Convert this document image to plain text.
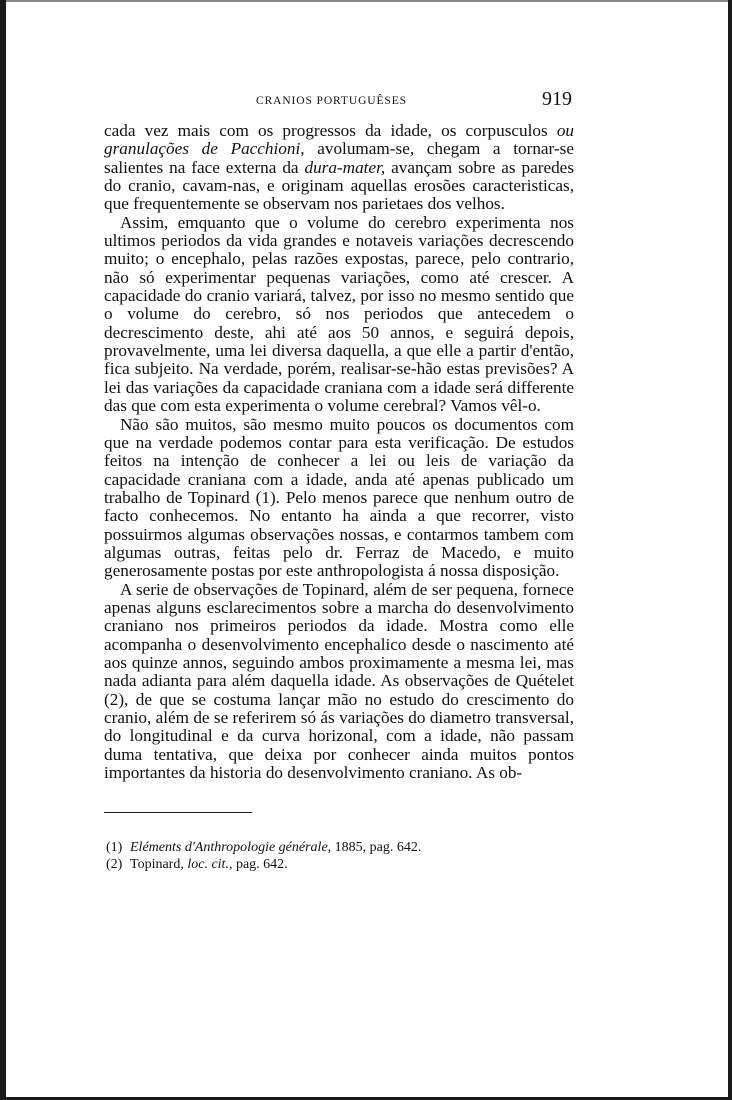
CRANIOS PORTUGUÊSES	919

cada vez mais com os progressos da idade, os corpusculos ou granulações de Pacchioni, avolumam-se, chegam a tornar-se salientes na face externa da dura-mater, avançam sobre as paredes do cranio, cavam-nas, e originam aquellas erosões caracteristicas, que frequentemente se observam nos parietaes dos velhos.

Assim, emquanto que o volume do cerebro experimenta nos ultimos periodos da vida grandes e notaveis variações decrescendo muito; o encephalo, pelas razões expostas, parece, pelo contrario, não só experimentar pequenas variações, como até crescer. A capacidade do cranio variará, talvez, por isso no mesmo sentido que o volume do cerebro, só nos periodos que antecedem o decrescimento deste, ahi até aos 50 annos, e seguirá depois, provavelmente, uma lei diversa daquella, a que elle a partir d'então, fica subjeito. Na verdade, porém, realisar-se-hão estas previsões? A lei das variações da capacidade craniana com a idade será differente das que com esta experimenta o volume cerebral? Vamos vêl-o.

Não são muitos, são mesmo muito poucos os documentos com que na verdade podemos contar para esta verificação. De estudos feitos na intenção de conhecer a lei ou leis de variação da capacidade craniana com a idade, anda até apenas publicado um trabalho de Topinard (1). Pelo menos parece que nenhum outro de facto conhecemos. No entanto ha ainda a que recorrer, visto possuirmos algumas observações nossas, e contarmos tambem com algumas outras, feitas pelo dr. Ferraz de Macedo, e muito generosamente postas por este anthropologista á nossa disposição.

A serie de observações de Topinard, além de ser pequena, fornece apenas alguns esclarecimentos sobre a marcha do desenvolvimento craniano nos primeiros periodos da idade. Mostra como elle acompanha o desenvolvimento encephalico desde o nascimento até aos quinze annos, seguindo ambos proximamente a mesma lei, mas nada adianta para além daquella idade. As observações de Quételet (2), de que se costuma lançar mão no estudo do crescimento do cranio, além de se referirem só ás variações do diametro transversal, do longitudinal e da curva horizonal, com a idade, não passam duma tentativa, que deixa por conhecer ainda muitos pontos importantes da historia do desenvolvimento craniano. As ob-

(1) Eléments d'Anthropologie générale, 1885, pag. 642.

(2) Topinard, loc. cit., pag. 642.
